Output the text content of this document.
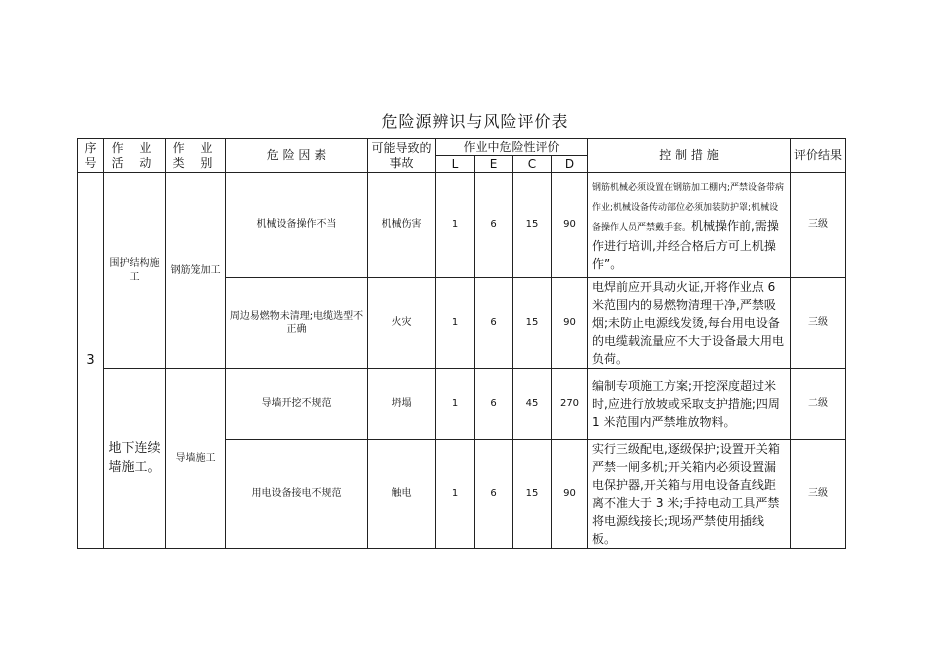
危险源辨识与风险评价表
序号	作 业 活 动	作 业 类 别	危 险 因 素	可能导致的事故	作业中危险性评价				控 制 措 施	评价结果
					L	E	C	D		
3	围护结构施工	钢筋笼加工	机械设备操作不当	机械伤害	1	6	15	90	钢筋机械必须设置在钢筋加工棚内;严禁设备带病作业;机械设备传动部位必须加装防护罩;机械设备操作人员严禁戴手套。机械操作前,需操作进行培训,并经合格后方可上机操作”。	三级
			周边易燃物未清理;电缆选型不正确	火灾	1	6	15	90	电焊前应开具动火证,开将作业点 6 米范围内的易燃物清理干净,严禁吸烟;未防止电源线发烫,每台用电设备的电缆载流量应不大于设备最大用电负荷。	三级
	地下连续墙施工。	导墙施工	导墙开挖不规范	坍塌	1	6	45	270	编制专项施工方案;开挖深度超过米时,应进行放坡或采取支护措施;四周 1 米范围内严禁堆放物料。	二级
			用电设备接电不规范	触电	1	6	15	90	实行三级配电,逐级保护;设置开关箱严禁一闸多机;开关箱内必须设置漏电保护器,开关箱与用电设备直线距离不准大于 3 米;手持电动工具严禁将电源线接长;现场严禁使用插线板。	三级
